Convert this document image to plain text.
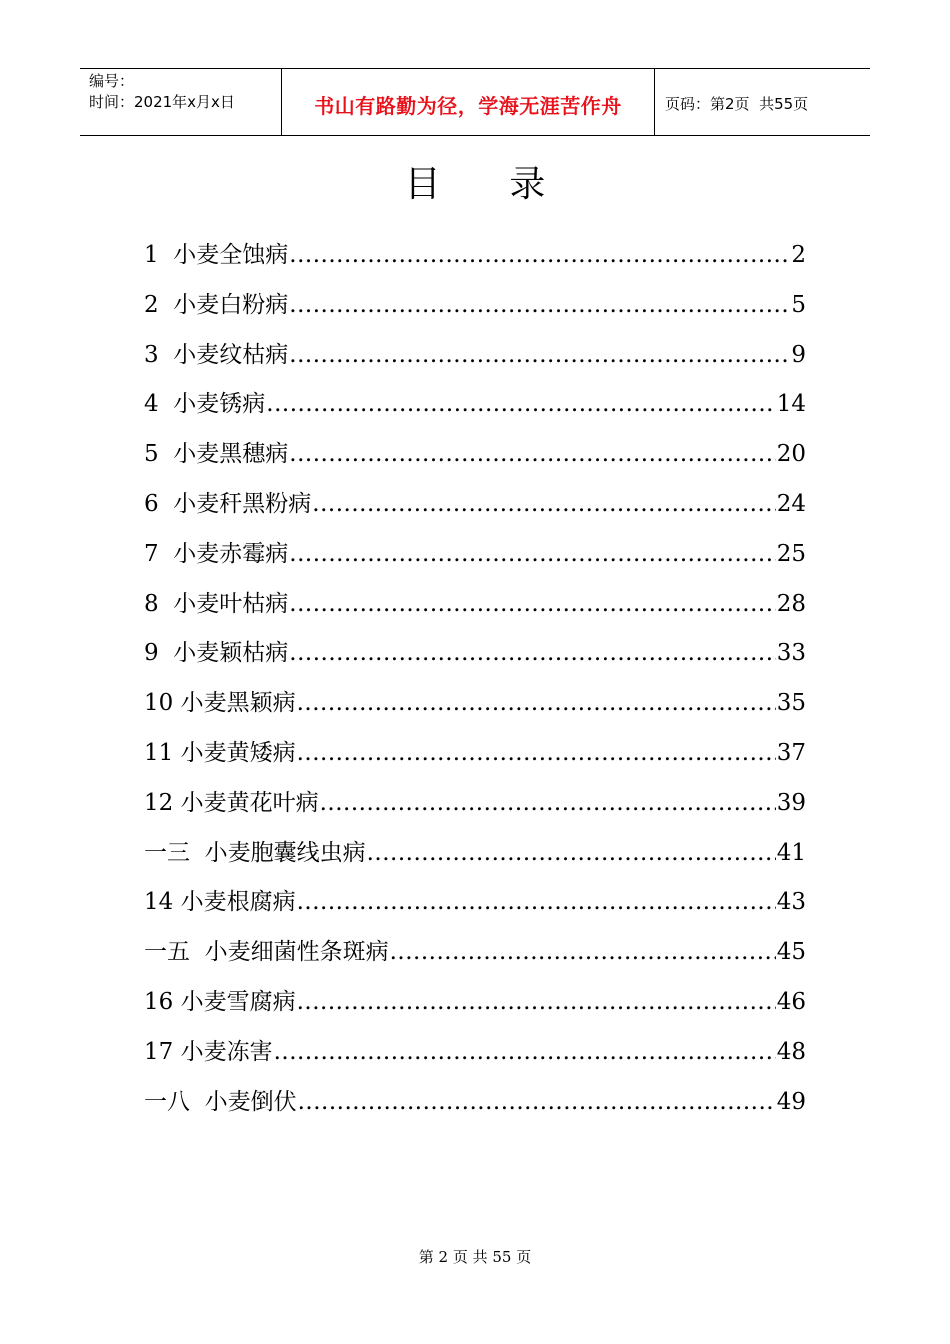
编号：
时间：2021年x月x日	书山有路勤为径，学海无涯苦作舟	页码：第2页  共55页
目      录
1  小麦全蚀病 .....	2
2  小麦白粉病 .....	5
3  小麦纹枯病 .....	9
4  小麦锈病 .....	14
5  小麦黑穗病 .....	20
6  小麦秆黑粉病 .....	24
7  小麦赤霉病 .....	25
8  小麦叶枯病 .....	28
9  小麦颖枯病 .....	33
10 小麦黑颖病 .....	35
11 小麦黄矮病 .....	37
12 小麦黄花叶病 .....	39
一三  小麦胞囊线虫病 .....	41
14 小麦根腐病 .....	43
一五  小麦细菌性条斑病 .....	45
16 小麦雪腐病 .....	46
17 小麦冻害 .....	48
一八  小麦倒伏 .....	49
第 2 页 共 55 页
